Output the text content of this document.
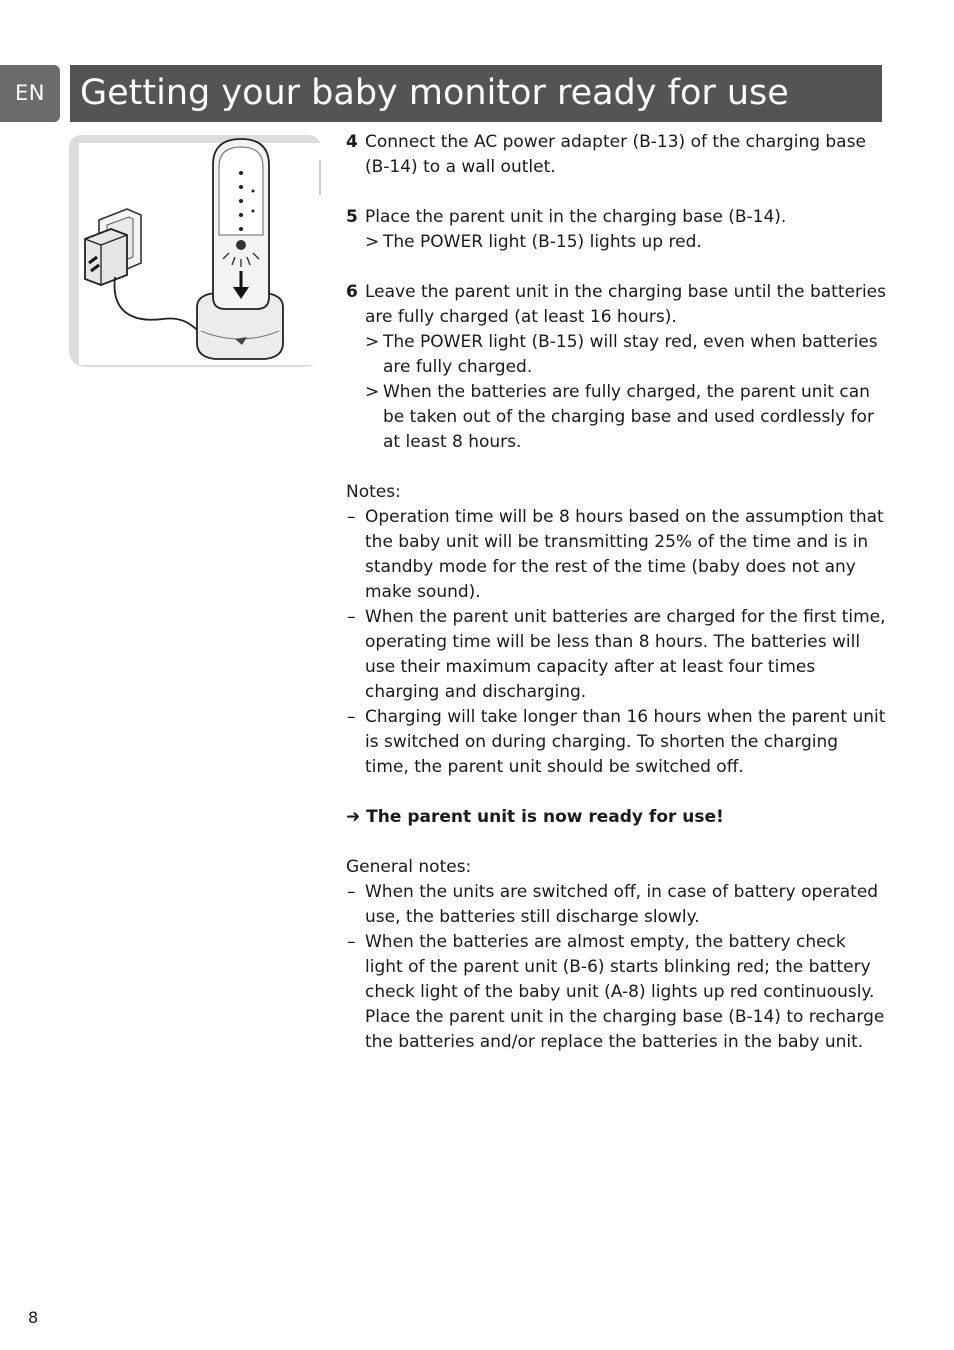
EN	Getting your baby monitor ready for use

4 Connect the AC power adapter (B-13) of the charging base (B-14) to a wall outlet.

5 Place the parent unit in the charging base (B-14).

> The POWER light (B-15) lights up red.

6 Leave the parent unit in the charging base until the batteries are fully charged (at least 16 hours).

> The POWER light (B-15) will stay red, even when batteries are fully charged.

> When the batteries are fully charged, the parent unit can be taken out of the charging base and used cordlessly for at least 8 hours.

Notes:

– Operation time will be 8 hours based on the assumption that the baby unit will be transmitting 25% of the time and is in standby mode for the rest of the time (baby does not any make sound).

– When the parent unit batteries are charged for the first time, operating time will be less than 8 hours. The batteries will use their maximum capacity after at least four times charging and discharging.

– Charging will take longer than 16 hours when the parent unit is switched on during charging. To shorten the charging time, the parent unit should be switched off.

➜ The parent unit is now ready for use!

General notes:

– When the units are switched off, in case of battery operated use, the batteries still discharge slowly.

– When the batteries are almost empty, the battery check light of the parent unit (B-6) starts blinking red; the battery check light of the baby unit (A-8) lights up red continuously.

Place the parent unit in the charging base (B-14) to recharge the batteries and/or replace the batteries in the baby unit.

8
